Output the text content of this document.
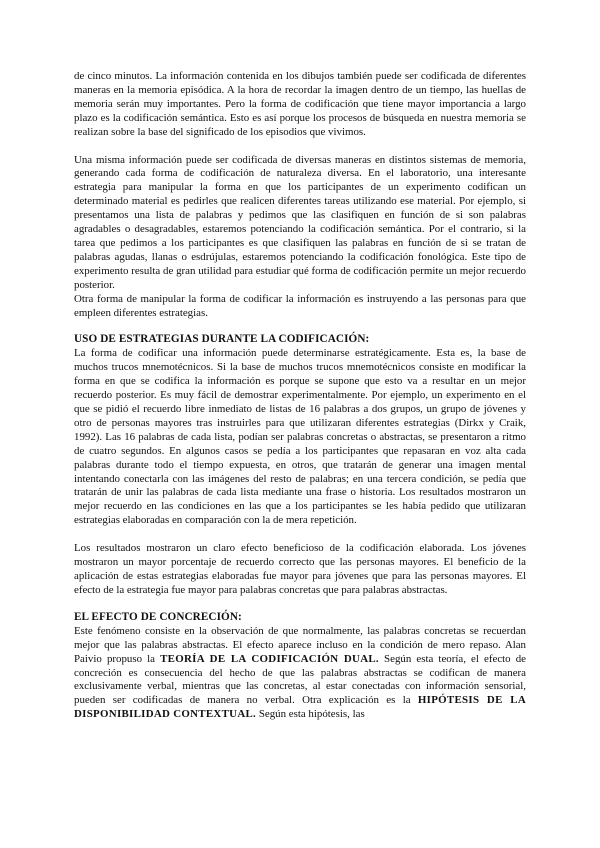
de cinco minutos. La información contenida en los dibujos también puede ser codificada de diferentes maneras en la memoria episódica. A la hora de recordar la imagen dentro de un tiempo, las huellas de memoria serán muy importantes. Pero la forma de codificación que tiene mayor importancia a largo plazo es la codificación semántica. Esto es así porque los procesos de búsqueda en nuestra memoria se realizan sobre la base del significado de los episodios que vivimos.

Una misma información puede ser codificada de diversas maneras en distintos sistemas de memoria, generando cada forma de codificación de naturaleza diversa. En el laboratorio, una interesante estrategia para manipular la forma en que los participantes de un experimento codifican un determinado material es pedirles que realicen diferentes tareas utilizando ese material. Por ejemplo, si presentamos una lista de palabras y pedimos que las clasifiquen en función de si son palabras agradables o desagradables, estaremos potenciando la codificación semántica. Por el contrario, si la tarea que pedimos a los participantes es que clasifiquen las palabras en función de si se tratan de palabras agudas, llanas o esdrújulas, estaremos potenciando la codificación fonológica. Este tipo de experimento resulta de gran utilidad para estudiar qué forma de codificación permite un mejor recuerdo posterior.

Otra forma de manipular la forma de codificar la información es instruyendo a las personas para que empleen diferentes estrategias.

USO DE ESTRATEGIAS DURANTE LA CODIFICACIÓN:

La forma de codificar una información puede determinarse estratégicamente. Esta es, la base de muchos trucos mnemotécnicos. Si la base de muchos trucos mnemotécnicos consiste en modificar la forma en que se codifica la información es porque se supone que esto va a resultar en un mejor recuerdo posterior. Es muy fácil de demostrar experimentalmente. Por ejemplo, un experimento en el que se pidió el recuerdo libre inmediato de listas de 16 palabras a dos grupos, un grupo de jóvenes y otro de personas mayores tras instruirles para que utilizaran diferentes estrategias (Dirkx y Craik, 1992). Las 16 palabras de cada lista, podían ser palabras concretas o abstractas, se presentaron a ritmo de cuatro segundos. En algunos casos se pedía a los participantes que repasaran en voz alta cada palabras durante todo el tiempo expuesta, en otros, que tratarán de generar una imagen mental intentando conectarla con las imágenes del resto de palabras; en una tercera condición, se pedía que tratarán de unir las palabras de cada lista mediante una frase o historia. Los resultados mostraron un mejor recuerdo en las condiciones en las que a los participantes se les había pedido que utilizaran estrategias elaboradas en comparación con la de mera repetición.

Los resultados mostraron un claro efecto beneficioso de la codificación elaborada. Los jóvenes mostraron un mayor porcentaje de recuerdo correcto que las personas mayores. El beneficio de la aplicación de estas estrategias elaboradas fue mayor para jóvenes que para las personas mayores. El efecto de la estrategia fue mayor para palabras concretas que para palabras abstractas.

EL EFECTO DE CONCRECIÓN:

Este fenómeno consiste en la observación de que normalmente, las palabras concretas se recuerdan mejor que las palabras abstractas. El efecto aparece incluso en la condición de mero repaso. Alan Paivio propuso la TEORÍA DE LA CODIFICACIÓN DUAL. Según esta teoría, el efecto de concreción es consecuencia del hecho de que las palabras abstractas se codifican de manera exclusivamente verbal, mientras que las concretas, al estar conectadas con información sensorial, pueden ser codificadas de manera no verbal. Otra explicación es la HIPÓTESIS DE LA DISPONIBILIDAD CONTEXTUAL. Según esta hipótesis, las
